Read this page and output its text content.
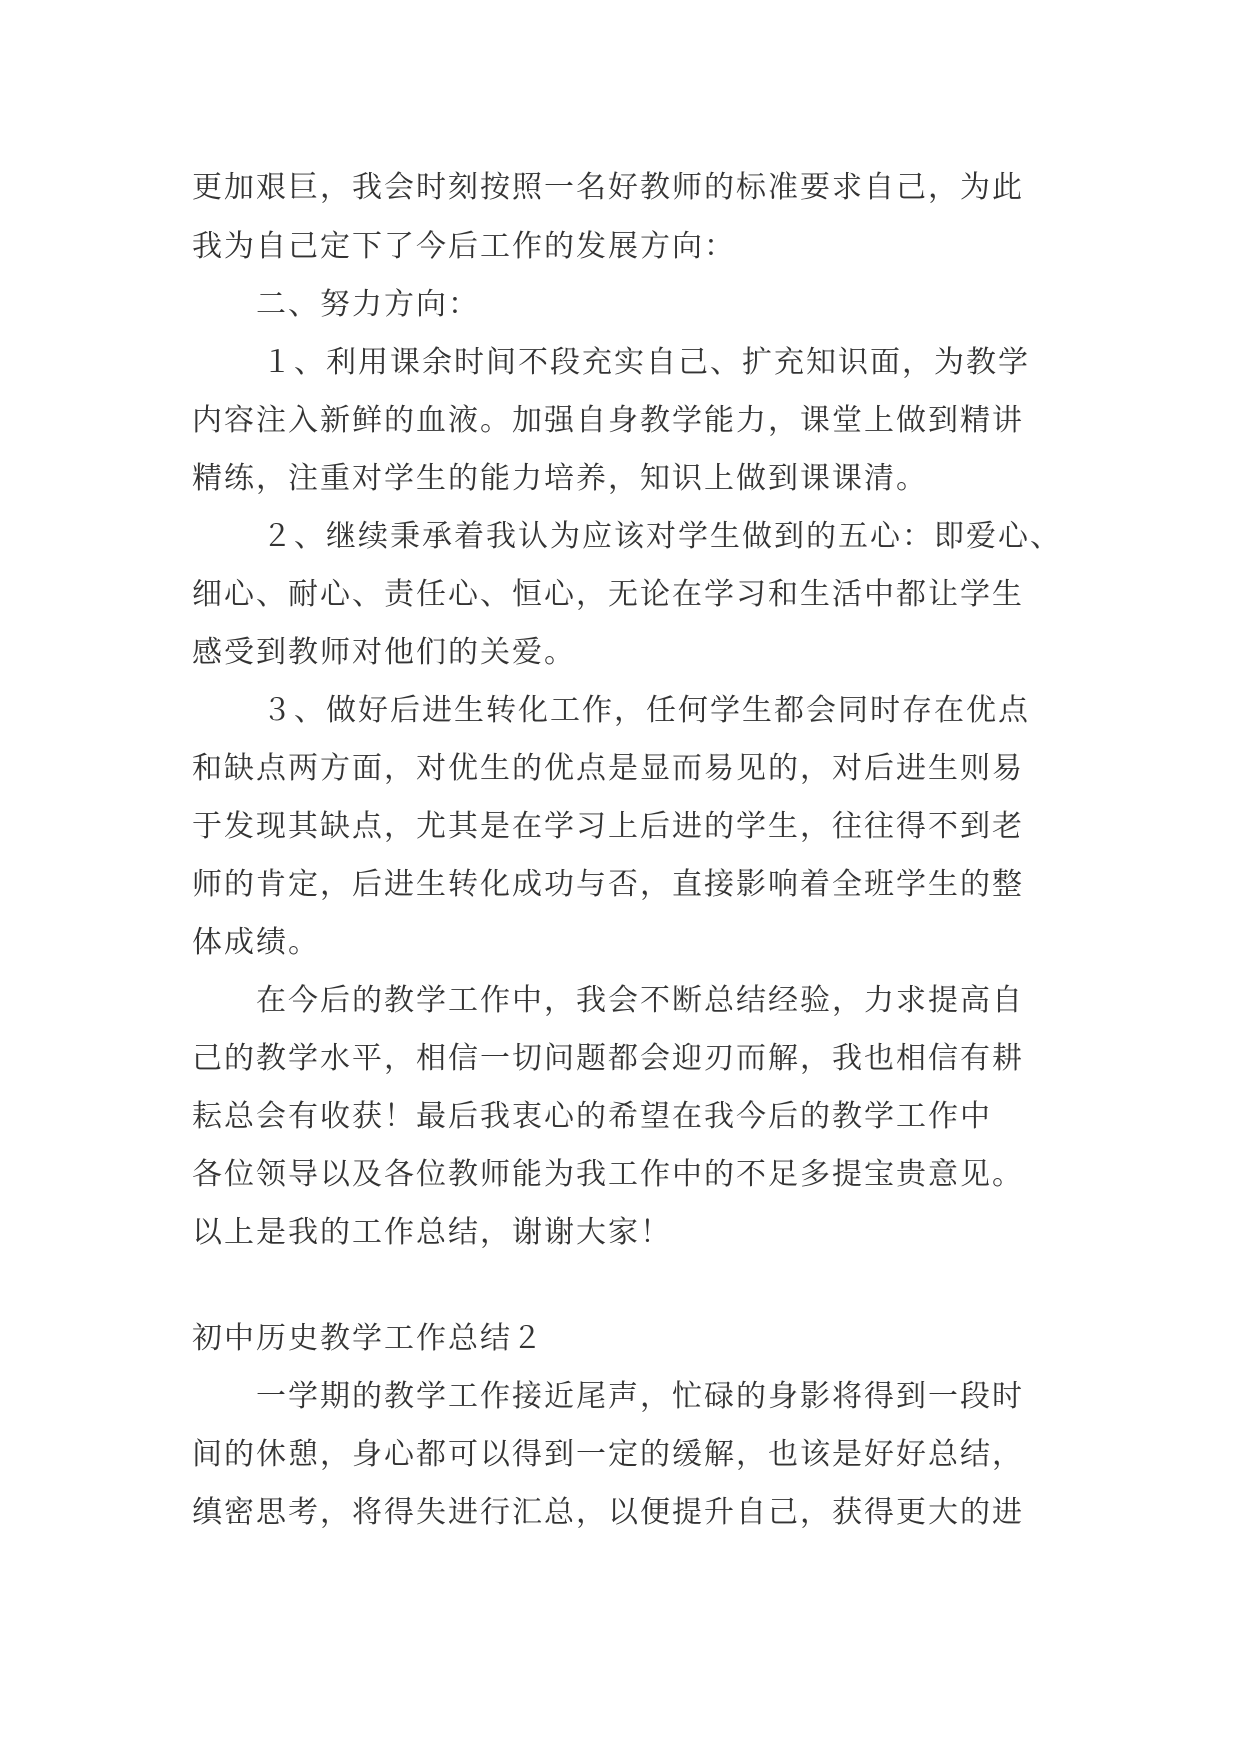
更加艰巨，我会时刻按照一名好教师的标准要求自己，为此
我为自己定下了今后工作的发展方向：
二、努力方向：
１、利用课余时间不段充实自己、扩充知识面，为教学
内容注入新鲜的血液。加强自身教学能力，课堂上做到精讲
精练，注重对学生的能力培养，知识上做到课课清。
２、继续秉承着我认为应该对学生做到的五心：即爱心、
细心、耐心、责任心、恒心，无论在学习和生活中都让学生
感受到教师对他们的关爱。
３、做好后进生转化工作，任何学生都会同时存在优点
和缺点两方面，对优生的优点是显而易见的，对后进生则易
于发现其缺点，尤其是在学习上后进的学生，往往得不到老
师的肯定，后进生转化成功与否，直接影响着全班学生的整
体成绩。
在今后的教学工作中，我会不断总结经验，力求提高自
己的教学水平，相信一切问题都会迎刃而解，我也相信有耕
耘总会有收获！最后我衷心的希望在我今后的教学工作中
各位领导以及各位教师能为我工作中的不足多提宝贵意见。
以上是我的工作总结，谢谢大家！
初中历史教学工作总结２
一学期的教学工作接近尾声，忙碌的身影将得到一段时
间的休憩，身心都可以得到一定的缓解，也该是好好总结，
缜密思考，将得失进行汇总，以便提升自己，获得更大的进
